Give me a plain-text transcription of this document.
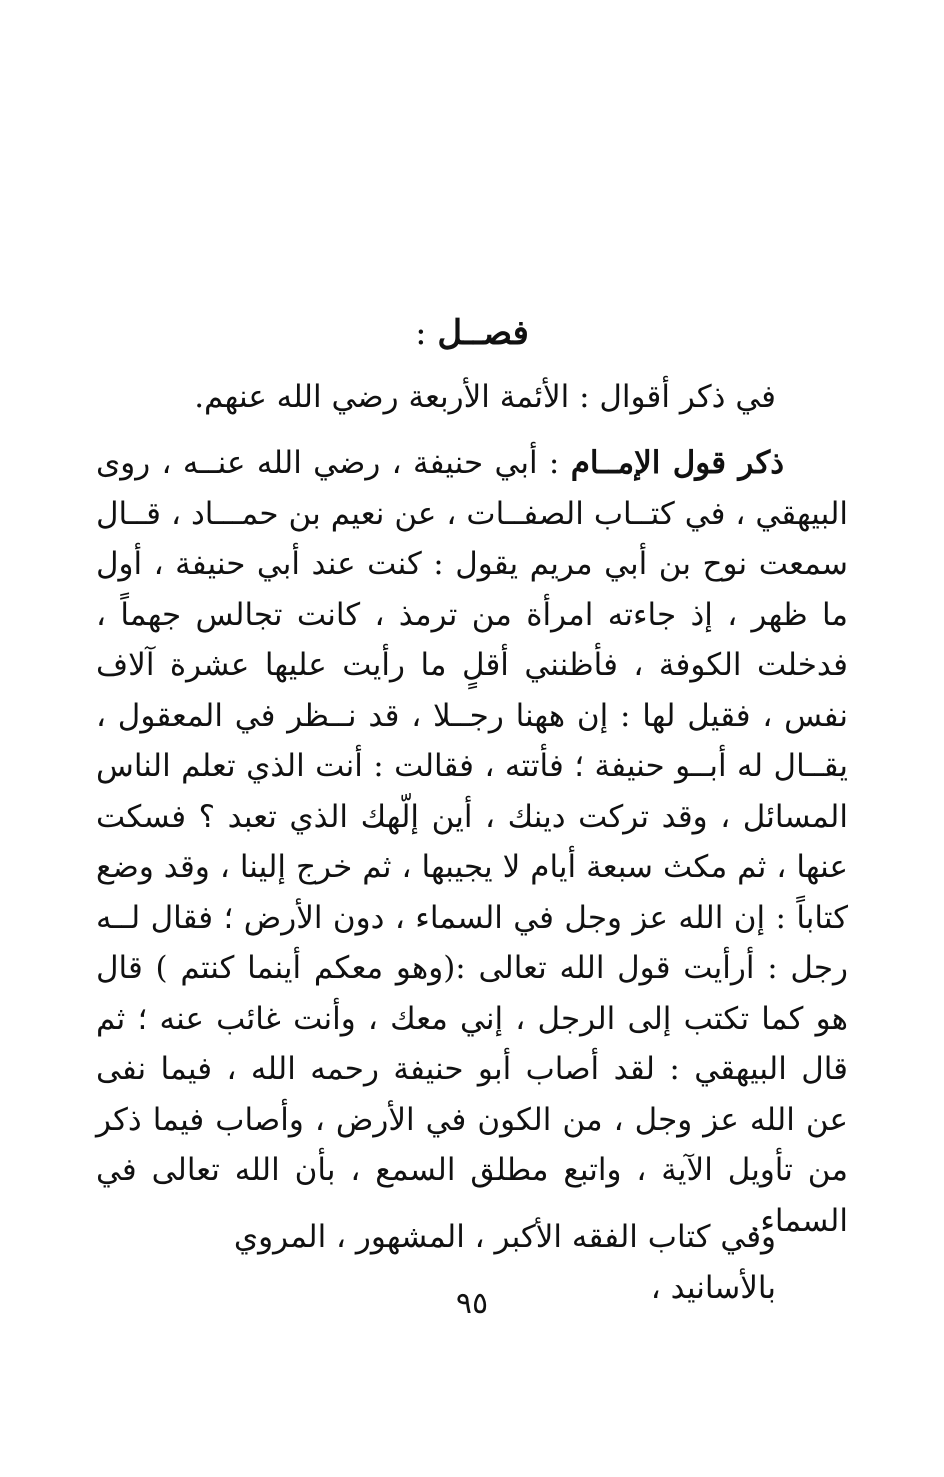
فصــل :
في ذكر أقوال : الأئمة الأربعة رضي الله عنهم.
ذكر قول الإمــام : أبي حنيفة ، رضي الله عنــه ، روى البيهقي ، في كتــاب الصفــات ، عن نعيم بن حمـــاد ، قــال سمعت نوح بن أبي مريم يقول : كنت عند أبي حنيفة ، أول ما ظهر ، إذ جاءته امرأة من ترمذ ، كانت تجالس جهماً ، فدخلت الكوفة ، فأظنني أقلٍ ما رأيت عليها عشرة آلاف نفس ، فقيل لها : إن ههنا رجــلا ، قد نــظر في المعقول ، يقــال له أبــو حنيفة ؛ فأتته ، فقالت : أنت الذي تعلم الناس المسائل ، وقد تركت دينك ، أين إلّهك الذي تعبد ؟ فسكت عنها ، ثم مكث سبعة أيام لا يجيبها ، ثم خرج إلينا ، وقد وضع كتاباً : إن الله عز وجل في السماء ، دون الأرض ؛ فقال لــه رجل : أرأيت قول الله تعالى :(وهو معكم أينما كنتم ) قال هو كما تكتب إلى الرجل ، إني معك ، وأنت غائب عنه ؛ ثم قال البيهقي : لقد أصاب أبو حنيفة رحمه الله ، فيما نفى عن الله عز وجل ، من الكون في الأرض ، وأصاب فيما ذكر من تأويل الآية ، واتبع مطلق السمع ، بأن الله تعالى في السماء.
وفي كتاب الفقه الأكبر ، المشهور ، المروي بالأسانيد ،
٩٥
